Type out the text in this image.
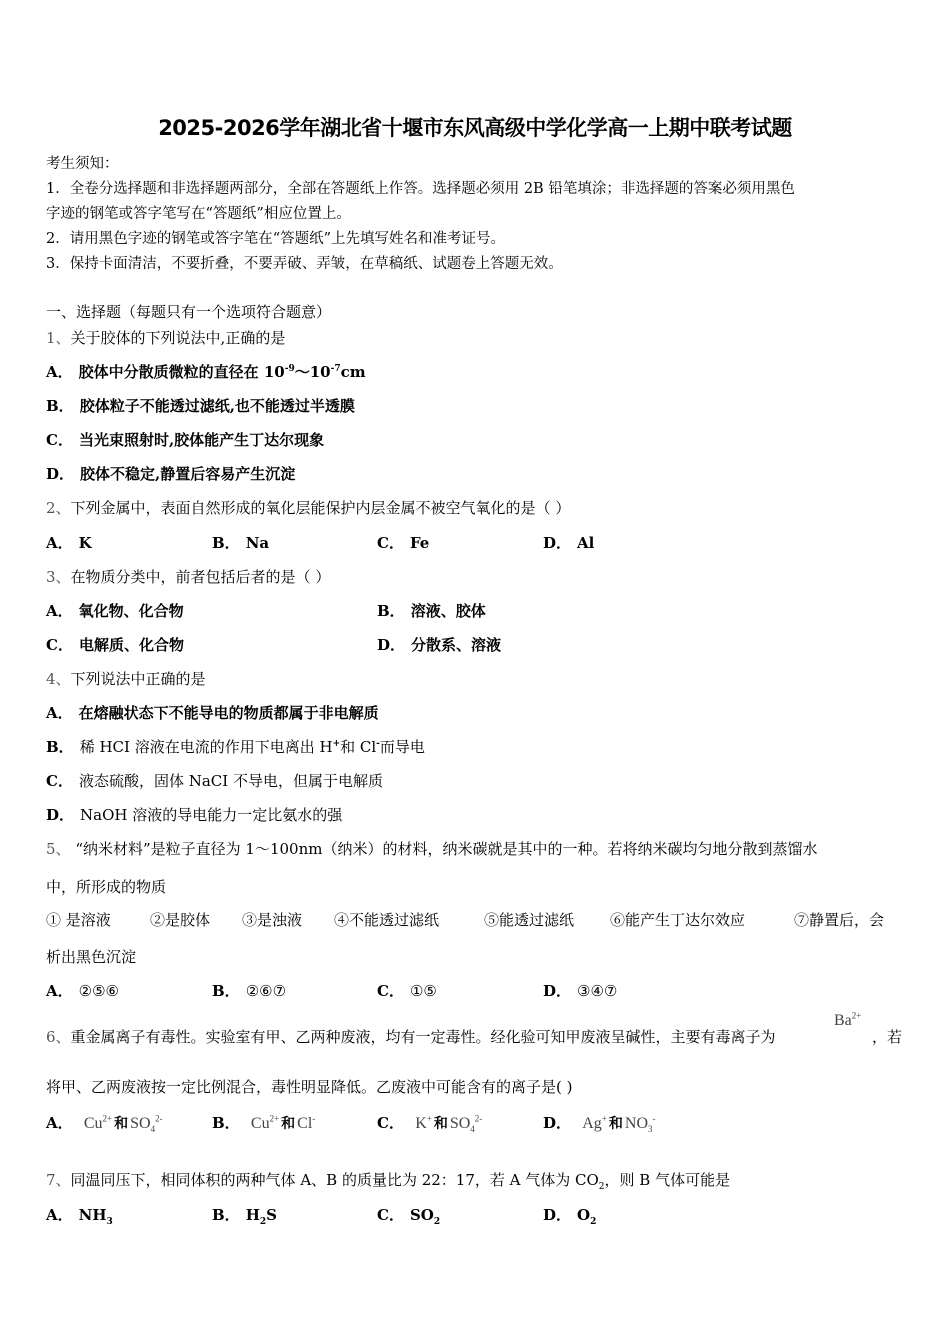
2025-2026学年湖北省十堰市东风高级中学化学高一上期中联考试题
考生须知：
1．全卷分选择题和非选择题两部分，全部在答题纸上作答。选择题必须用 2B 铅笔填涂；非选择题的答案必须用黑色
字迹的钢笔或答字笔写在“答题纸”相应位置上。
2．请用黑色字迹的钢笔或答字笔在“答题纸”上先填写姓名和准考证号。
3．保持卡面清洁，不要折叠，不要弄破、弄皱，在草稿纸、试题卷上答题无效。
一、选择题（每题只有一个选项符合题意）
1、关于胶体的下列说法中,正确的是
A． 胶体中分散质微粒的直径在 $10^{-9}\sim 10^{-7}cm$
B． 胶体粒子不能透过滤纸,也不能透过半透膜
C． 当光束照射时,胶体能产生丁达尔现象
D． 胶体不稳定,静置后容易产生沉淀
2、下列金属中，表面自然形成的氧化层能保护内层金属不被空气氧化的是（ ）
A． K	B． Na	C． Fe	D． Al
3、在物质分类中，前者包括后者的是（ ）
A． 氧化物、化合物	B． 溶液、胶体
C． 电解质、化合物	D． 分散系、溶液
4、下列说法中正确的是
A． 在熔融状态下不能导电的物质都属于非电解质
B． 稀 HCI 溶液在电流的作用下电离出 H+和 Cl-而导电
C． 液态硫酸，固体 NaCI 不导电，但属于电解质
D． NaOH 溶液的导电能力一定比氨水的强
5、 “纳米材料”是粒子直径为 1～100nm（纳米）的材料，纳米碳就是其中的一种。若将纳米碳均匀地分散到蒸馏水
中，所形成的物质
① 是溶液	②是胶体 ③是浊液 ④不能透过滤纸	⑤能透过滤纸 ⑥能产生丁达尔效应	⑦静置后，会
析出黑色沉淀
A． ②⑤⑥	B． ②⑥⑦	C． ①⑤	D． ③④⑦
6、重金属离子有毒性。实验室有甲、乙两种废液，均有一定毒性。经化验可知甲废液呈碱性，主要有毒离子为
$Ba^{2+}$
，若
将甲、乙两废液按一定比例混合，毒性明显降低。乙废液中可能含有的离子是( )
A． $Cu^{2+}$ 和 $SO_4^{2-}$	B． $Cu^{2+}$ 和 Cl-	C． K+ 和 $SO_4^{2-}$	D． Ag+ 和 $NO_3^-$
7、同温同压下，相同体积的两种气体 A、B 的质量比为 22：17，若 A 气体为 $CO_2$，则 B 气体可能是
A． $NH_3$	B． $H_2S$	C． $SO_2$	D． $O_2$
